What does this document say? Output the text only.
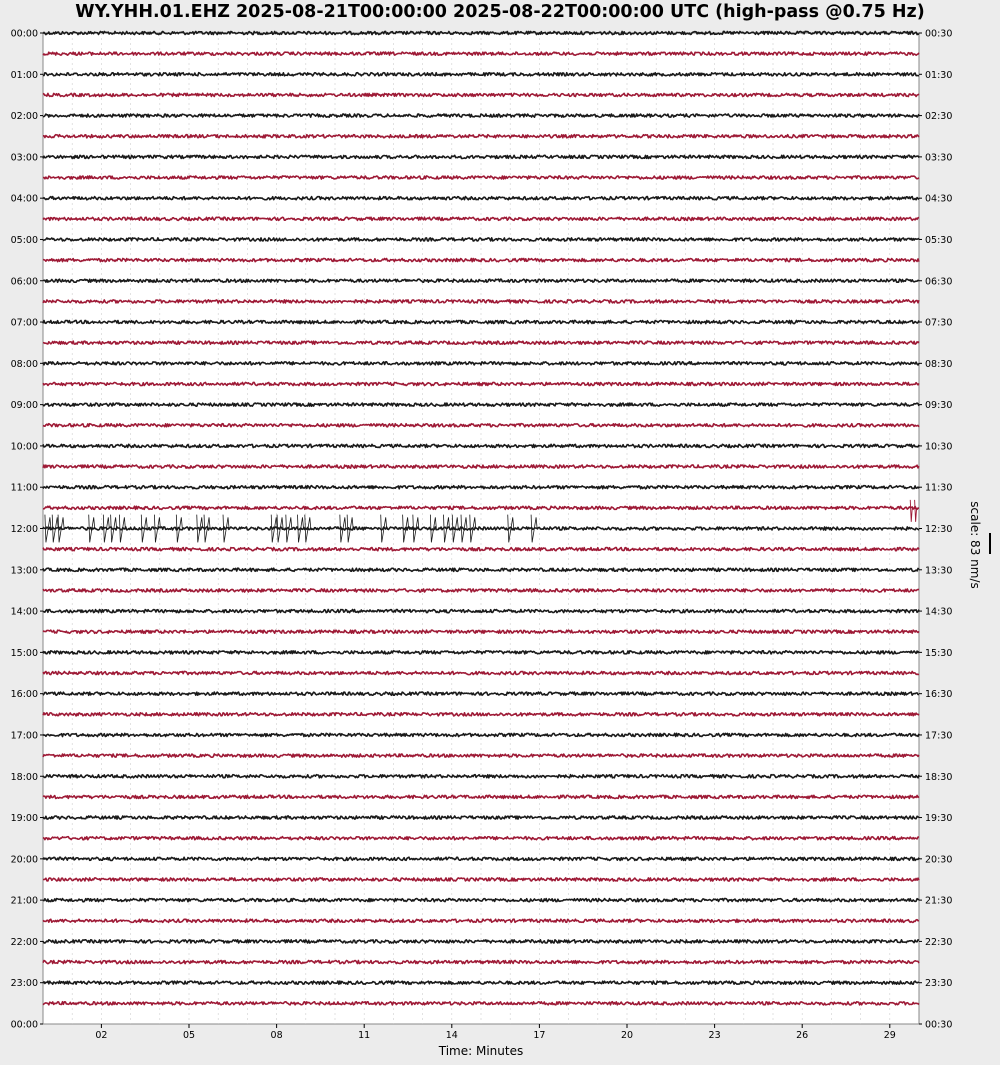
WY.YHH.01.EHZ 2025-08-21T00:00:00 2025-08-22T00:00:00 UTC (high-pass @0.75 Hz)
02	05	08	11	14	17	20	23	26	29
00:00
01:00
02:00
03:00
04:00
05:00
06:00
07:00
08:00
09:00
10:00
11:00
12:00
13:00
14:00
15:00
16:00
17:00
18:00
19:00
20:00
21:00
22:00
23:00
00:00
00:30
01:30
02:30
03:30
04:30
05:30
06:30
07:30
08:30
09:30
10:30
11:30
12:30
13:30
14:30
15:30
16:30
17:30
18:30
19:30
20:30
21:30
22:30
23:30
00:30
Time: Minutes
scale: 83 nm/s
